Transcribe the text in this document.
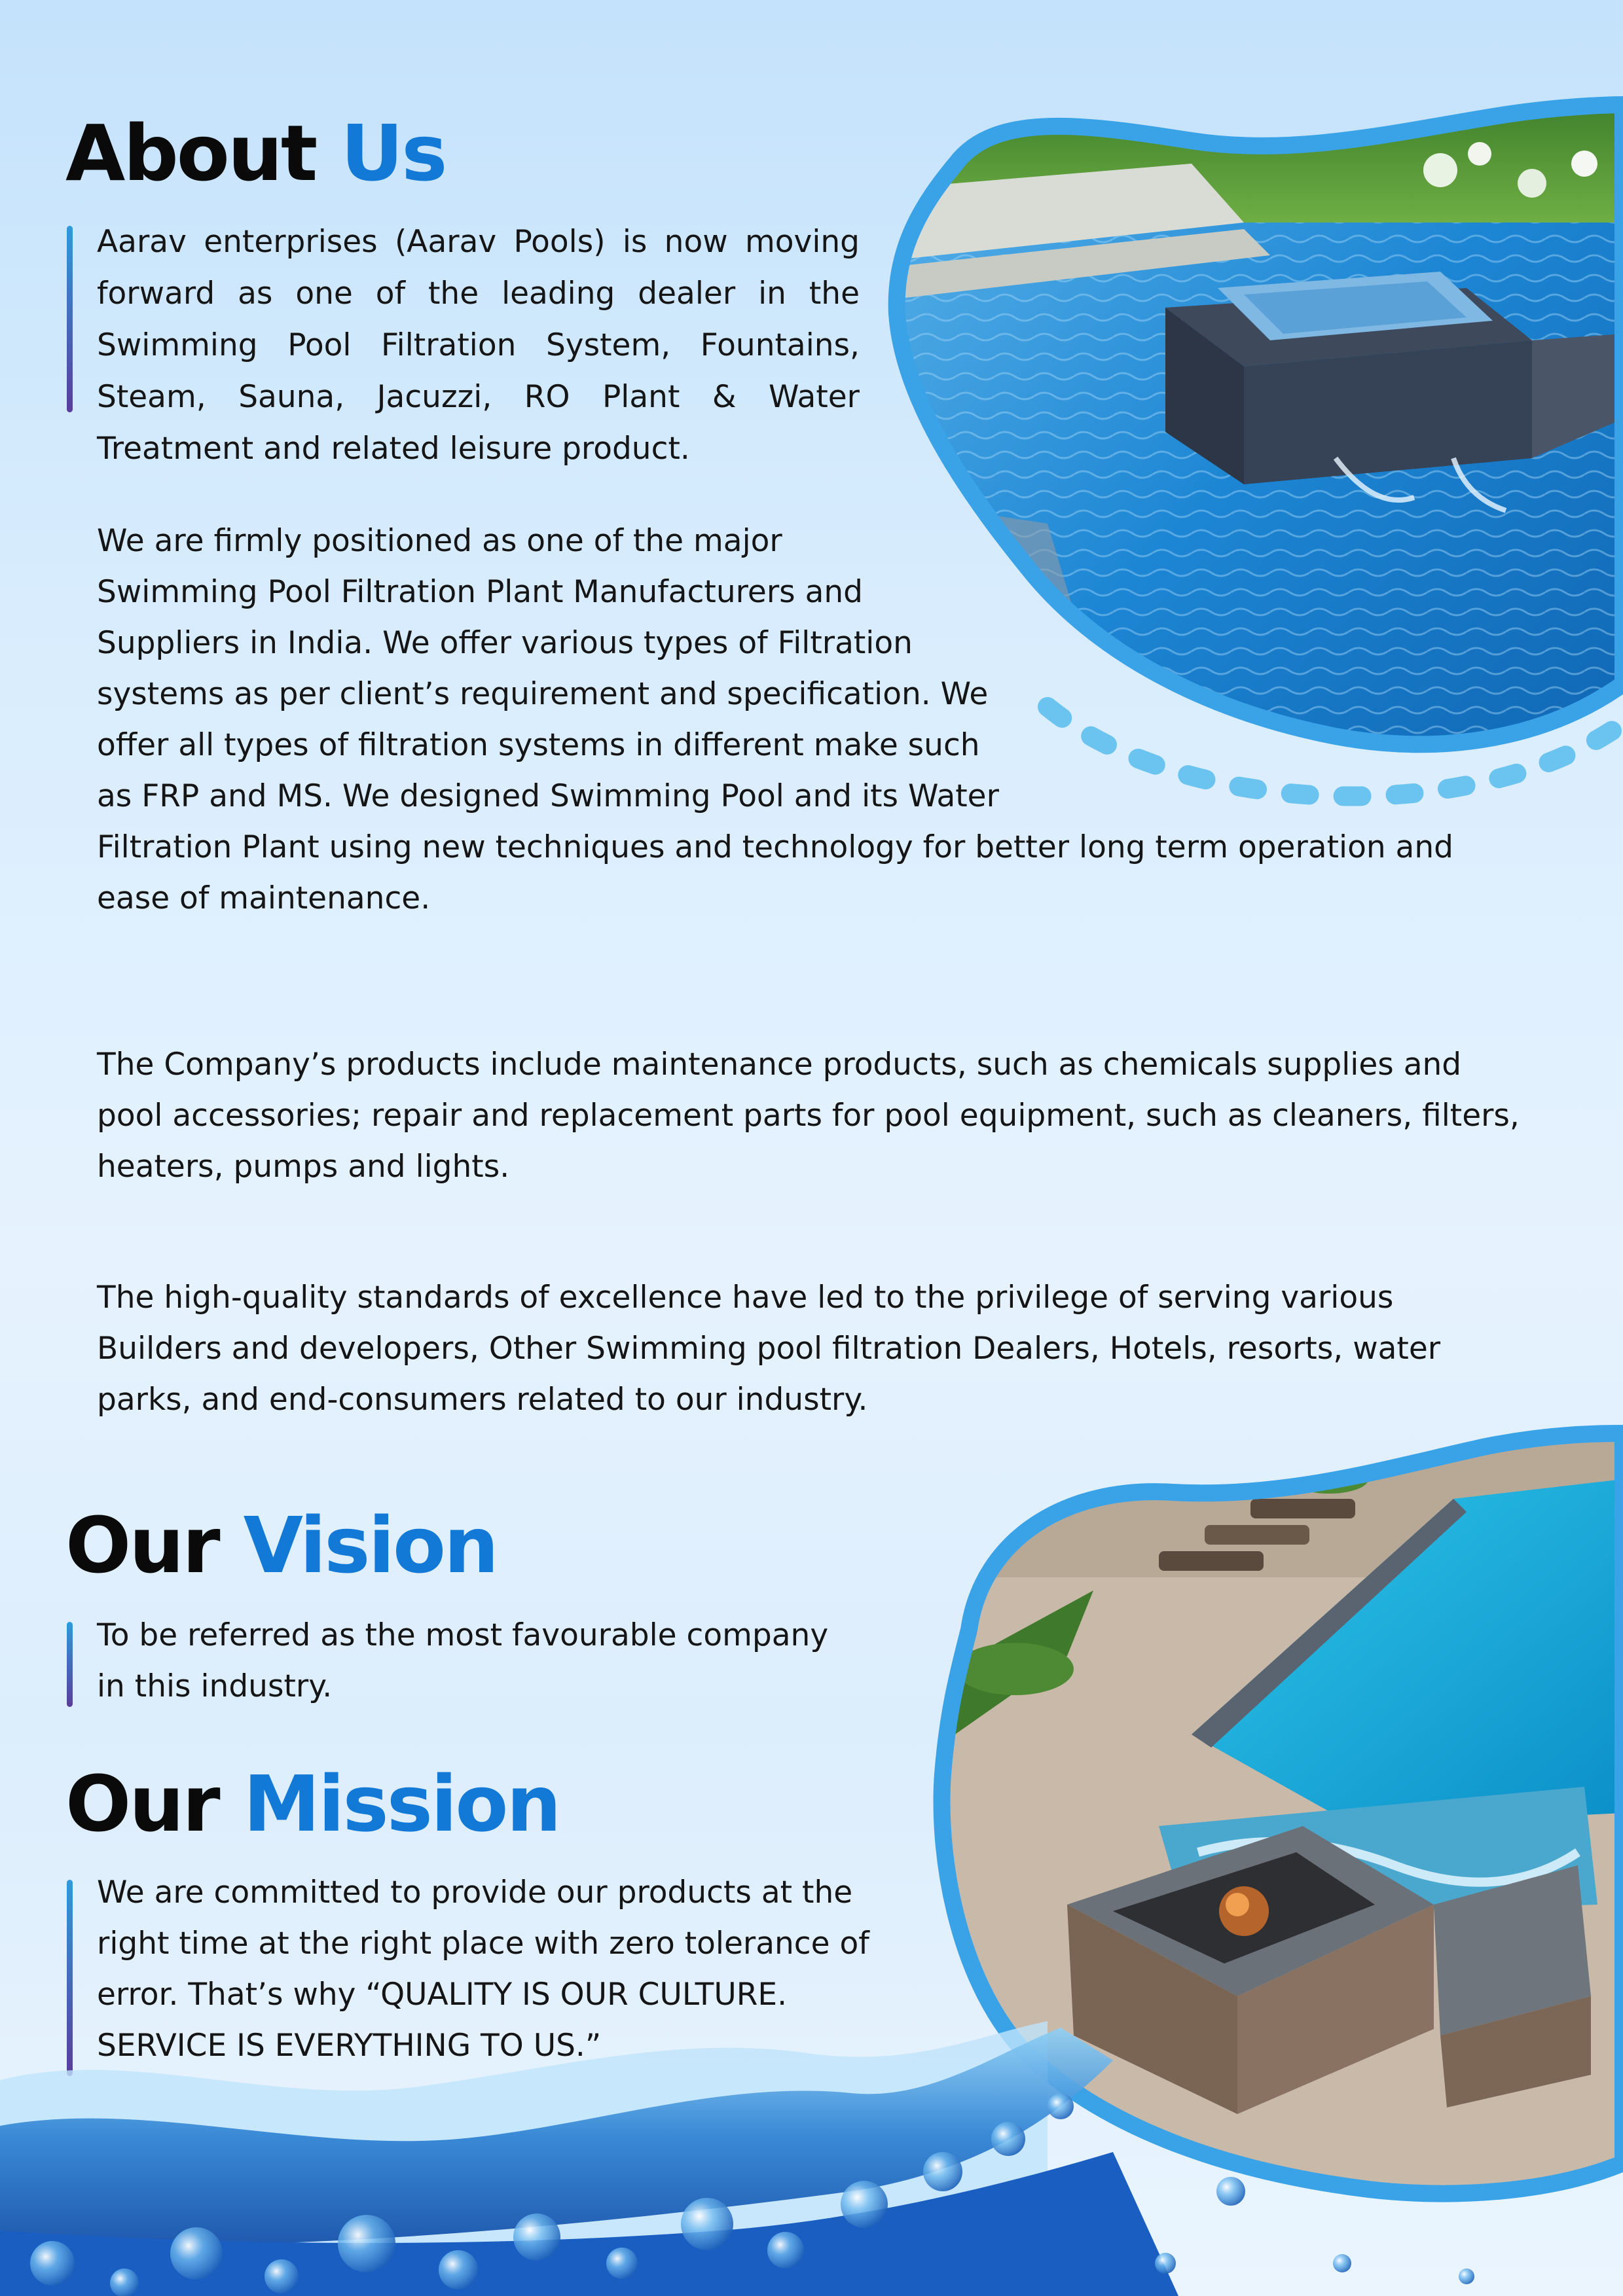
About Us

Aarav enterprises (Aarav Pools) is now moving forward as one of the leading dealer in the Swimming Pool Filtration System, Fountains, Steam, Sauna, Jacuzzi, RO Plant & Water Treatment and related leisure product.

We are firmly positioned as one of the major
Swimming Pool Filtration Plant Manufacturers and
Suppliers in India. We offer various types of Filtration
systems as per client’s requirement and specification. We
offer all types of filtration systems in different make such
as FRP and MS. We designed Swimming Pool and its Water
Filtration Plant using new techniques and technology for better long term operation and
ease of maintenance.
The Company’s products include maintenance products, such as chemicals supplies and
pool accessories; repair and replacement parts for pool equipment, such as cleaners, filters,
heaters, pumps and lights.
The high-quality standards of excellence have led to the privilege of serving various
Builders and developers, Other Swimming pool filtration Dealers, Hotels, resorts, water
parks, and end-consumers related to our industry.
Our Vision
To be referred as the most favourable company
in this industry.
Our Mission
We are committed to provide our products at the
right time at the right place with zero tolerance of
error. That’s why “QUALITY IS OUR CULTURE.
SERVICE IS EVERYTHING TO US.”
